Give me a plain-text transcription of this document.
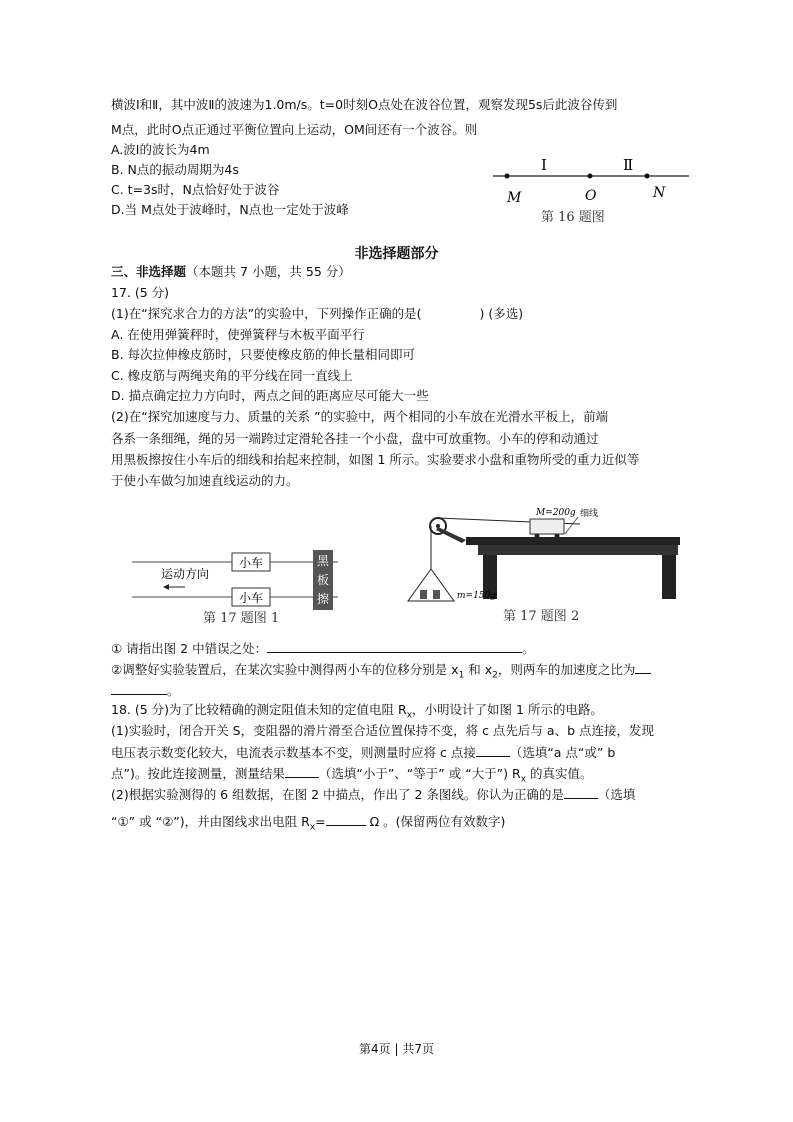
横波Ⅰ和Ⅱ，其中波Ⅱ的波速为1.0m/s。t=0时刻O点处在波谷位置，观察发现5s后此波谷传到
M点，此时O点正通过平衡位置向上运动，OM间还有一个波谷。则
A.波Ⅰ的波长为4m
B. N点的振动周期为4s
C. t=3s时，N点恰好处于波谷
D.当 M点处于波峰时，N点也一定处于波峰
Ⅰ	Ⅱ
M	O	N
第 16 题图
非选择题部分
三、非选择题（本题共 7 小题，共 55 分）
17. (5 分)
(1)在“探究求合力的方法”的实验中，下列操作正确的是(	) (多选)
A. 在使用弹簧秤时，使弹簧秤与木板平面平行
B. 每次拉伸橡皮筋时，只要使橡皮筋的伸长量相同即可
C. 橡皮筋与两绳夹角的平分线在同一直线上
D. 描点确定拉力方向时，两点之间的距离应尽可能大一些
(2)在“探究加速度与力、质量的关系 ”的实验中，两个相同的小车放在光滑水平板上，前端
各系一条细绳，绳的另一端跨过定滑轮各挂一个小盘，盘中可放重物。小车的停和动通过
用黑板擦按住小车后的细线和抬起来控制，如图 1 所示。实验要求小盘和重物所受的重力近似等
于使小车做匀加速直线运动的力。
小车
小车
黑
板
擦
运动方向
第 17 题图 1
M=200g 细线
m=150g
第 17 题图 2
① 请指出图 2 中错误之处：	。
②调整好实验装置后，在某次实验中测得两小车的位移分别是 $x_1$ 和 $x_2$，则两车的加速度之比为
。
18. (5 分)为了比较精确的测定阻值未知的定值电阻 $R_x$，小明设计了如图 1 所示的电路。
(1)实验时，闭合开关 S，变阻器的滑片滑至合适位置保持不变，将 c 点先后与 a、b 点连接，发现
电压表示数变化较大，电流表示数基本不变，则测量时应将 c 点接	（选填“a 点“或” b
点”)。按此连接测量，测量结果	（选填“小于”、“等于” 或 “大于”) $R_x$ 的真实值。
(2)根据实验测得的 6 组数据，在图 2 中描点，作出了 2 条图线。你认为正确的是	（选填
“①” 或 “②”)，并由图线求出电阻 $R_x=$	Ω 。(保留两位有效数字)
第4页 | 共7页
